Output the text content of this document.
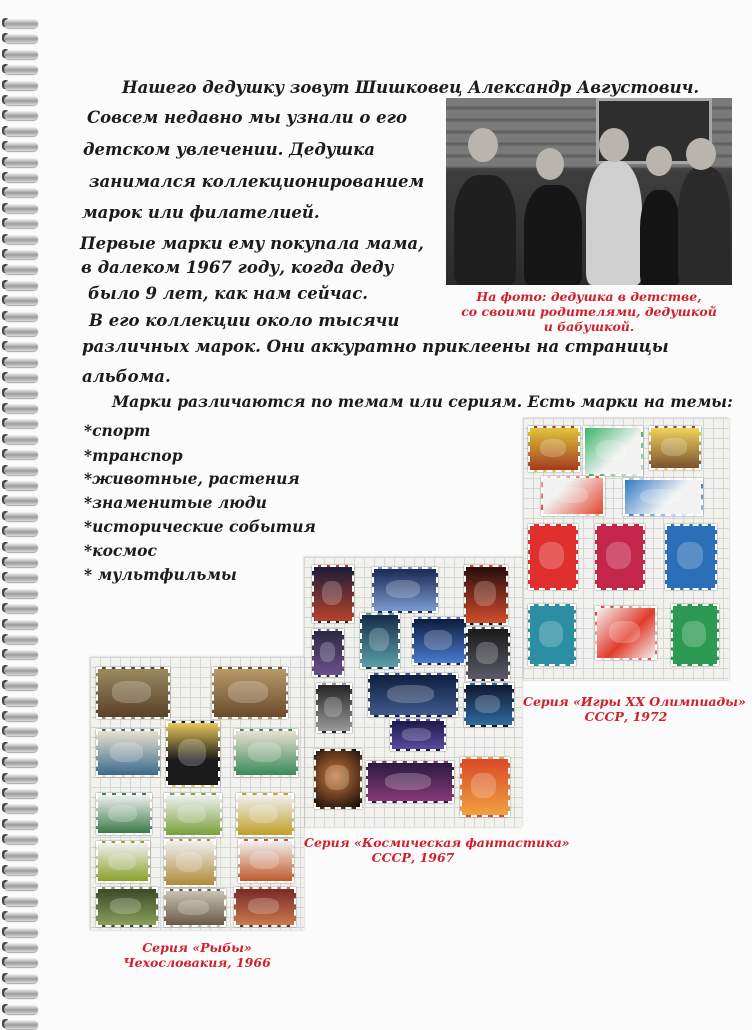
Нашего дедушку зовут Шишковец Александр Августович.
Совсем недавно мы узнали о его
детском увлечении. Дедушка
занимался коллекционированием
марок или филателией.
Первые марки ему покупала мама,
в далеком 1967 году, когда деду
было 9 лет, как нам сейчас.
В его коллекции около тысячи
различных марок. Они аккуратно приклеены на страницы
альбома.
Марки различаются по темам или сериям. Есть марки на темы:
*спорт
*транспор
*животные, растения
*знаменитые люди
*исторические события
*космос
* мультфильмы
На фото: дедушка в детстве,
со своими родителями, дедушкой
и бабушкой.
Серия «Игры XX Олимпиады»
СССР, 1972
Серия «Космическая фантастика»
СССР, 1967
Серия «Рыбы»
Чехословакия, 1966
